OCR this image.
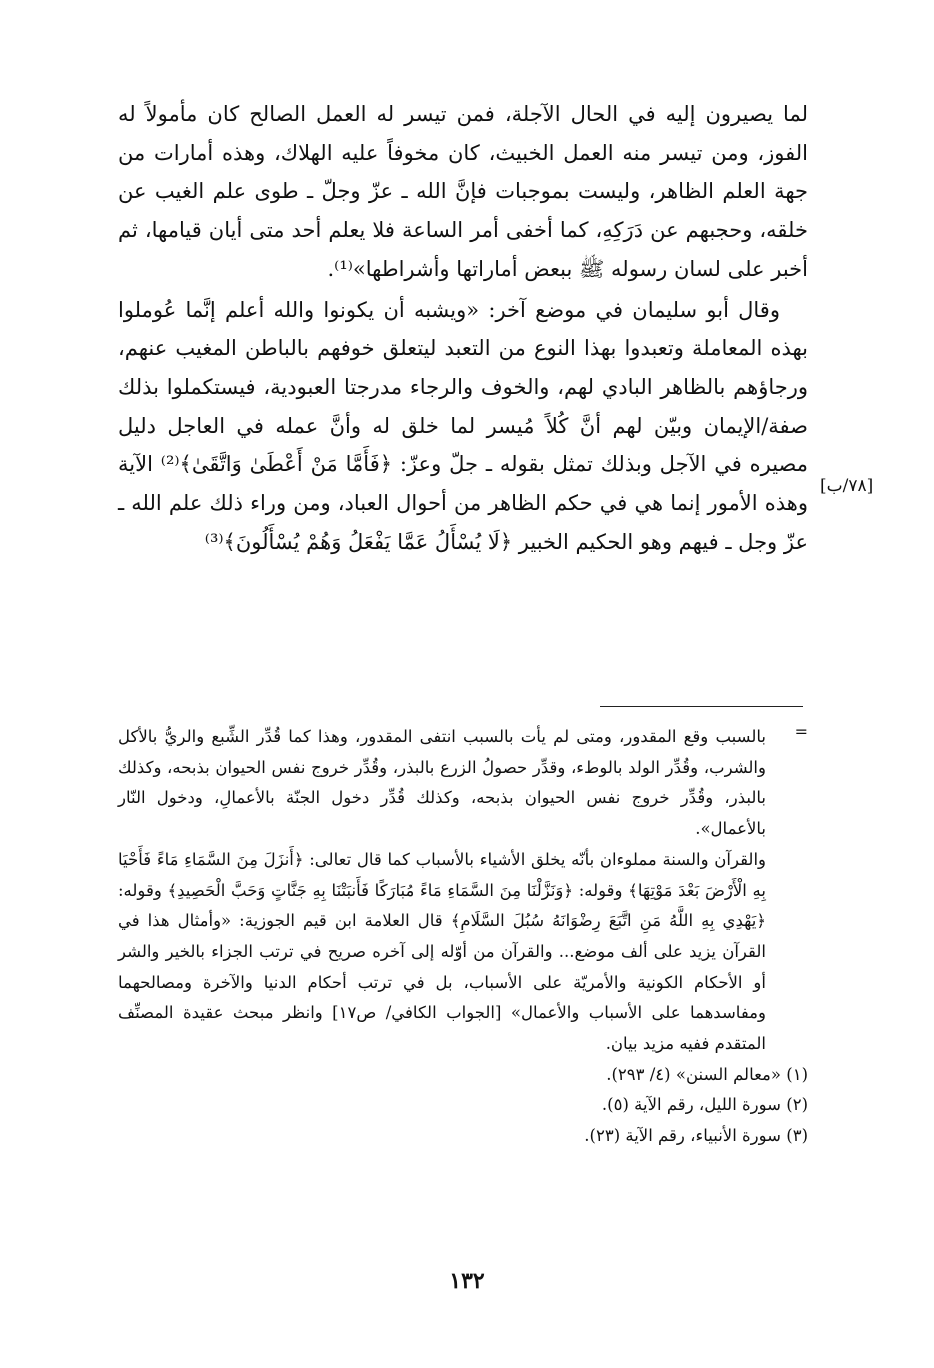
لما يصيرون إليه في الحال الآجلة، فمن تيسر له العمل الصالح كان مأمولاً له الفوز، ومن تيسر منه العمل الخبيث، كان مخوفاً عليه الهلاك، وهذه أمارات من جهة العلم الظاهر، وليست بموجبات فإنَّ الله ـ عزّ وجلّ ـ طوى علم الغيب عن خلقه، وحجبهم عن دَرَكِهِ، كما أخفى أمر الساعة فلا يعلم أحد متى أيان قيامها، ثم أخبر على لسان رسوله ﷺ ببعض أماراتها وأشراطها»⁽¹⁾.

وقال أبو سليمان في موضع آخر: «ويشبه أن يكونوا والله أعلم إنَّما عُوملوا بهذه المعاملة وتعبدوا بهذا النوع من التعبد ليتعلق خوفهم بالباطن المغيب عنهم، ورجاؤهم بالظاهر البادي لهم، والخوف والرجاء مدرجتا العبودية، فيستكملوا بذلك صفة/الإيمان وبيّن لهم أنَّ كُلاً مُيسر لما خلق له وأنَّ عمله في العاجل دليل مصيره في الآجل وبذلك تمثل بقوله ـ جلّ وعزّ: ﴿فَأَمَّا مَنْ أَعْطَىٰ وَاتَّقَىٰ﴾⁽²⁾ الآية وهذه الأمور إنما هي في حكم الظاهر من أحوال العباد، ومن وراء ذلك علم الله ـ عزّ وجل ـ فيهم وهو الحكيم الخبير ﴿لَا يُسْأَلُ عَمَّا يَفْعَلُ وَهُمْ يُسْأَلُونَ﴾⁽³⁾

[٧٨/ب]
=

بالسبب وقع المقدور، ومتى لم يأت بالسبب انتفى المقدور، وهذا كما قُدِّر الشِّبع والريُّ بالأكل والشرب، وقُدِّر الولد بالوطء، وقدِّر حصولُ الزرع بالبذر، وقُدِّر خروج نفس الحيوان بذبحه، وكذلك بالبذر، وقُدِّر خروج نفس الحيوان بذبحه، وكذلك قُدِّر دخول الجنّة بالأعمالِ، ودخول النّار بالأعمال».

والقرآن والسنة مملوءان بأنّه يخلق الأشياء بالأسباب كما قال تعالى: ﴿أَنزَلَ مِنَ السَّمَاءِ مَاءً فَأَحْيَا بِهِ الْأَرْضَ بَعْدَ مَوْتِهَا﴾ وقوله: ﴿وَنَزَّلْنَا مِنَ السَّمَاءِ مَاءً مُبَارَكًا فَأَنبَتْنَا بِهِ جَنَّاتٍ وَحَبَّ الْحَصِيدِ﴾ وقوله: ﴿يَهْدِي بِهِ اللَّهُ مَنِ اتَّبَعَ رِضْوَانَهُ سُبُلَ السَّلَامِ﴾ قال العلامة ابن قيم الجوزية: «وأمثال هذا في القرآن يزيد على ألف موضع... والقرآن من أوّله إلى آخره صريح في ترتب الجزاء بالخير والشر أو الأحكام الكونية والأمريّة على الأسباب، بل في ترتب أحكام الدنيا والآخرة ومصالحهما ومفاسدهما على الأسباب والأعمال» [الجواب الكافي/ ص١٧] وانظر مبحث عقيدة المصنِّف المتقدم ففيه مزيد بيان.

(١) «معالم السنن» (٤/ ٢٩٣).

(٢) سورة الليل، رقم الآية (٥).

(٣) سورة الأنبياء، رقم الآية (٢٣).

١٣٢
